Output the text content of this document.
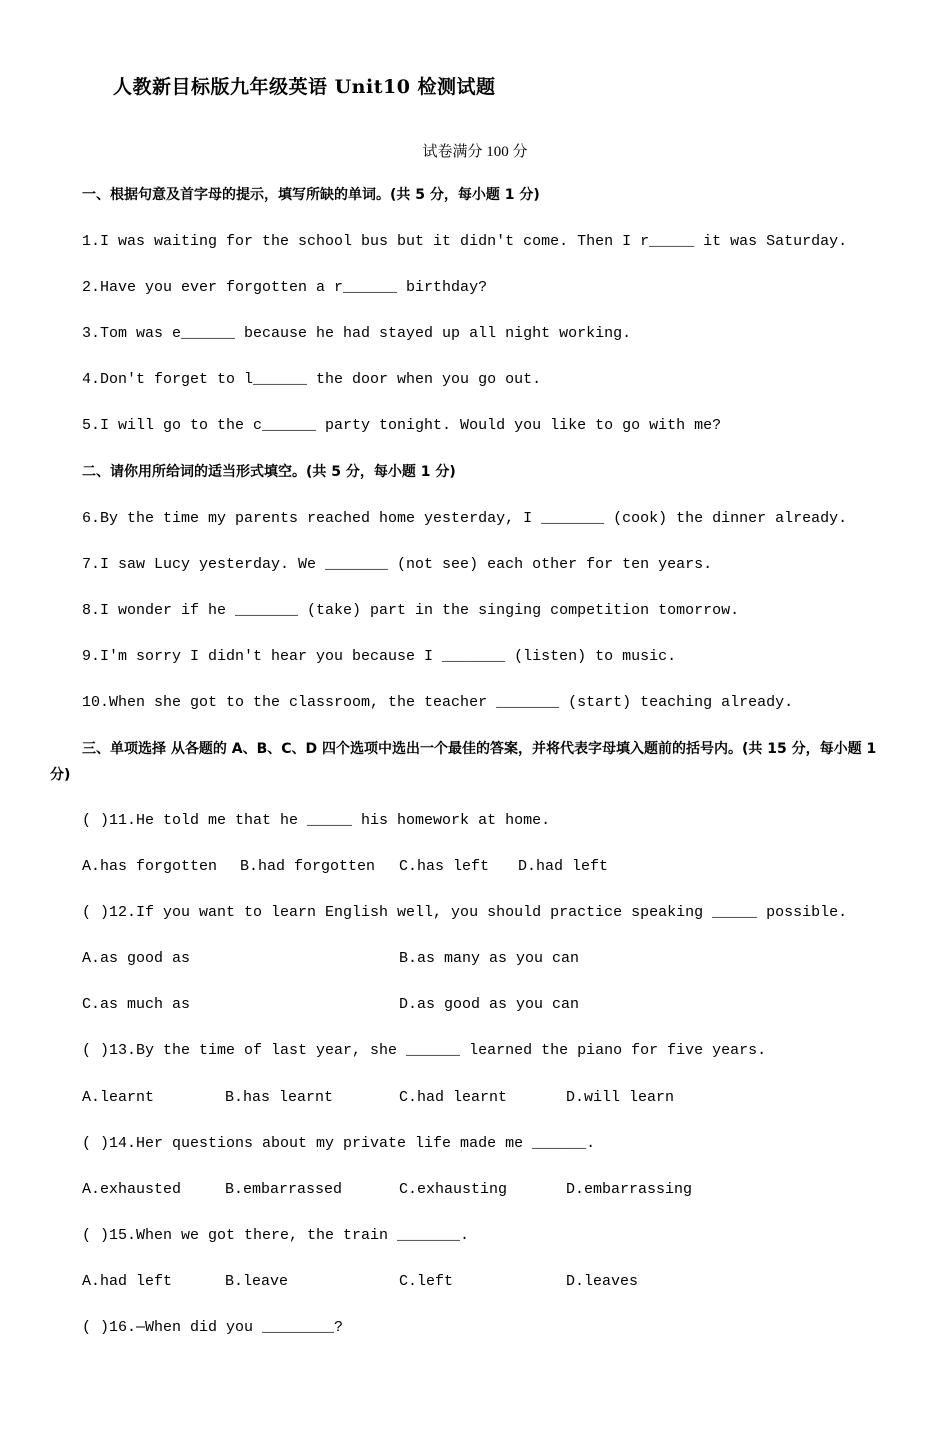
人教新目标版九年级英语 Unit10 检测试题
试卷满分 100 分
一、根据句意及首字母的提示，填写所缺的单词。(共 5 分，每小题 1 分)
1.I was waiting for the school bus but it didn't come. Then I r_____ it was Saturday.
2.Have you ever forgotten a r______ birthday?
3.Tom was e______ because he had stayed up all night working.
4.Don't forget to l______ the door when you go out.
5.I will go to the c______ party tonight. Would you like to go with me?
二、请你用所给词的适当形式填空。(共 5 分，每小题 1 分)
6.By the time my parents reached home yesterday, I _______ (cook) the dinner already.
7.I saw Lucy yesterday. We _______ (not see) each other for ten years.
8.I wonder if he _______ (take) part in the singing competition tomorrow.
9.I'm sorry I didn't hear you because I _______ (listen) to music.
10.When she got to the classroom, the teacher _______ (start) teaching already.
三、单项选择 从各题的 A、B、C、D 四个选项中选出一个最佳的答案，并将代表字母填入题前的括号内。(共 15 分，每小题 1 分)
( )11.He told me that he _____ his homework at home.
A.has forgotten B.had forgotten C.has left D.had left
( )12.If you want to learn English well, you should practice speaking _____ possible.
A.as good as	B.as many as you can
C.as much as	D.as good as you can
( )13.By the time of last year, she ______ learned the piano for five years.
A.learnt	B.has learnt	C.had learnt	D.will learn
( )14.Her questions about my private life made me ______.
A.exhausted	B.embarrassed	C.exhausting	D.embarrassing
( )15.When we got there, the train _______.
A.had left	B.leave	C.left	D.leaves
( )16.—When did you ________?
